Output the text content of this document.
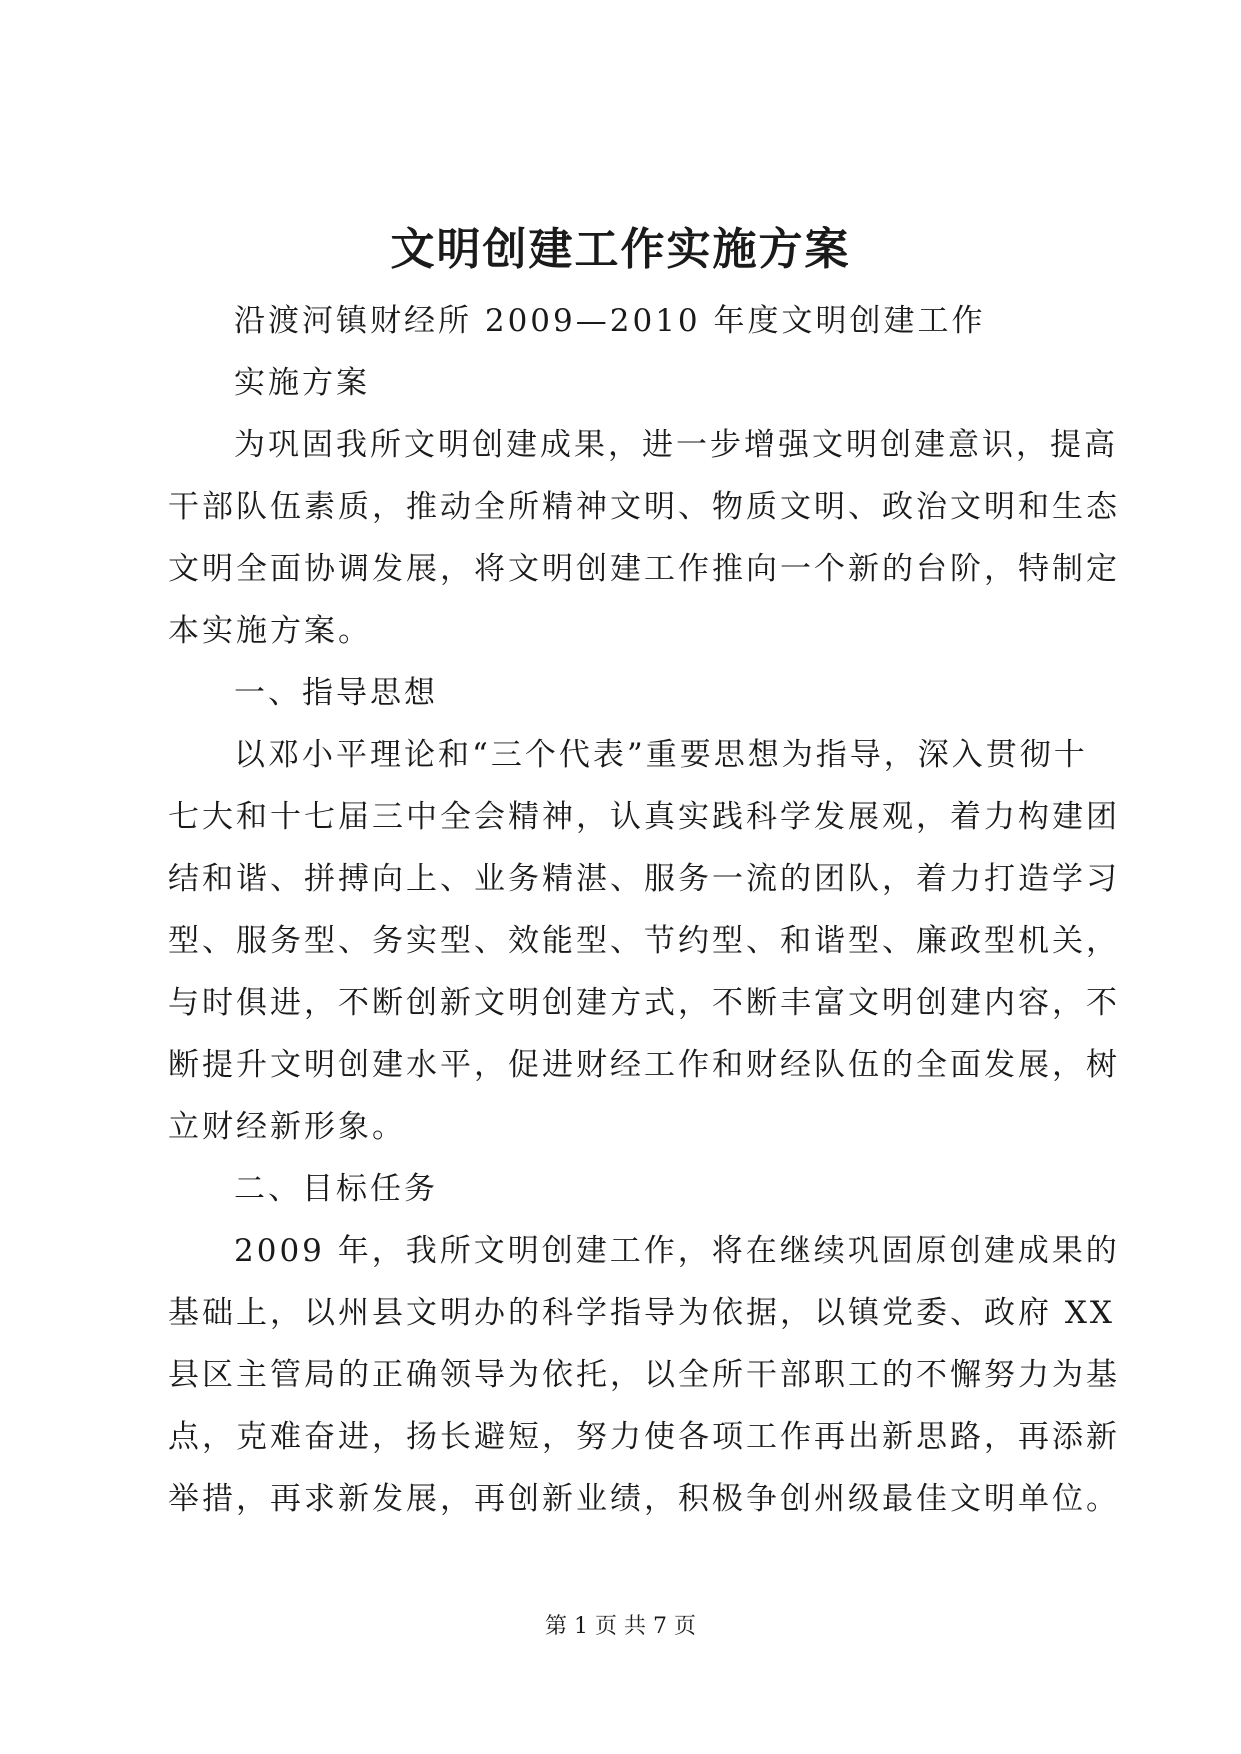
文明创建工作实施方案

沿渡河镇财经所 2009—2010 年度文明创建工作

实施方案

为巩固我所文明创建成果，进一步增强文明创建意识，提高

干部队伍素质，推动全所精神文明、物质文明、政治文明和生态

文明全面协调发展，将文明创建工作推向一个新的台阶，特制定

本实施方案。

一、指导思想

以邓小平理论和“三个代表”重要思想为指导，深入贯彻十

七大和十七届三中全会精神，认真实践科学发展观，着力构建团

结和谐、拼搏向上、业务精湛、服务一流的团队，着力打造学习

型、服务型、务实型、效能型、节约型、和谐型、廉政型机关，

与时俱进，不断创新文明创建方式，不断丰富文明创建内容，不

断提升文明创建水平，促进财经工作和财经队伍的全面发展，树

立财经新形象。

二、目标任务

2009 年，我所文明创建工作，将在继续巩固原创建成果的

基础上，以州县文明办的科学指导为依据，以镇党委、政府 XX

县区主管局的正确领导为依托，以全所干部职工的不懈努力为基

点，克难奋进，扬长避短，努力使各项工作再出新思路，再添新

举措，再求新发展，再创新业绩，积极争创州级最佳文明单位。

第 1 页 共 7 页
